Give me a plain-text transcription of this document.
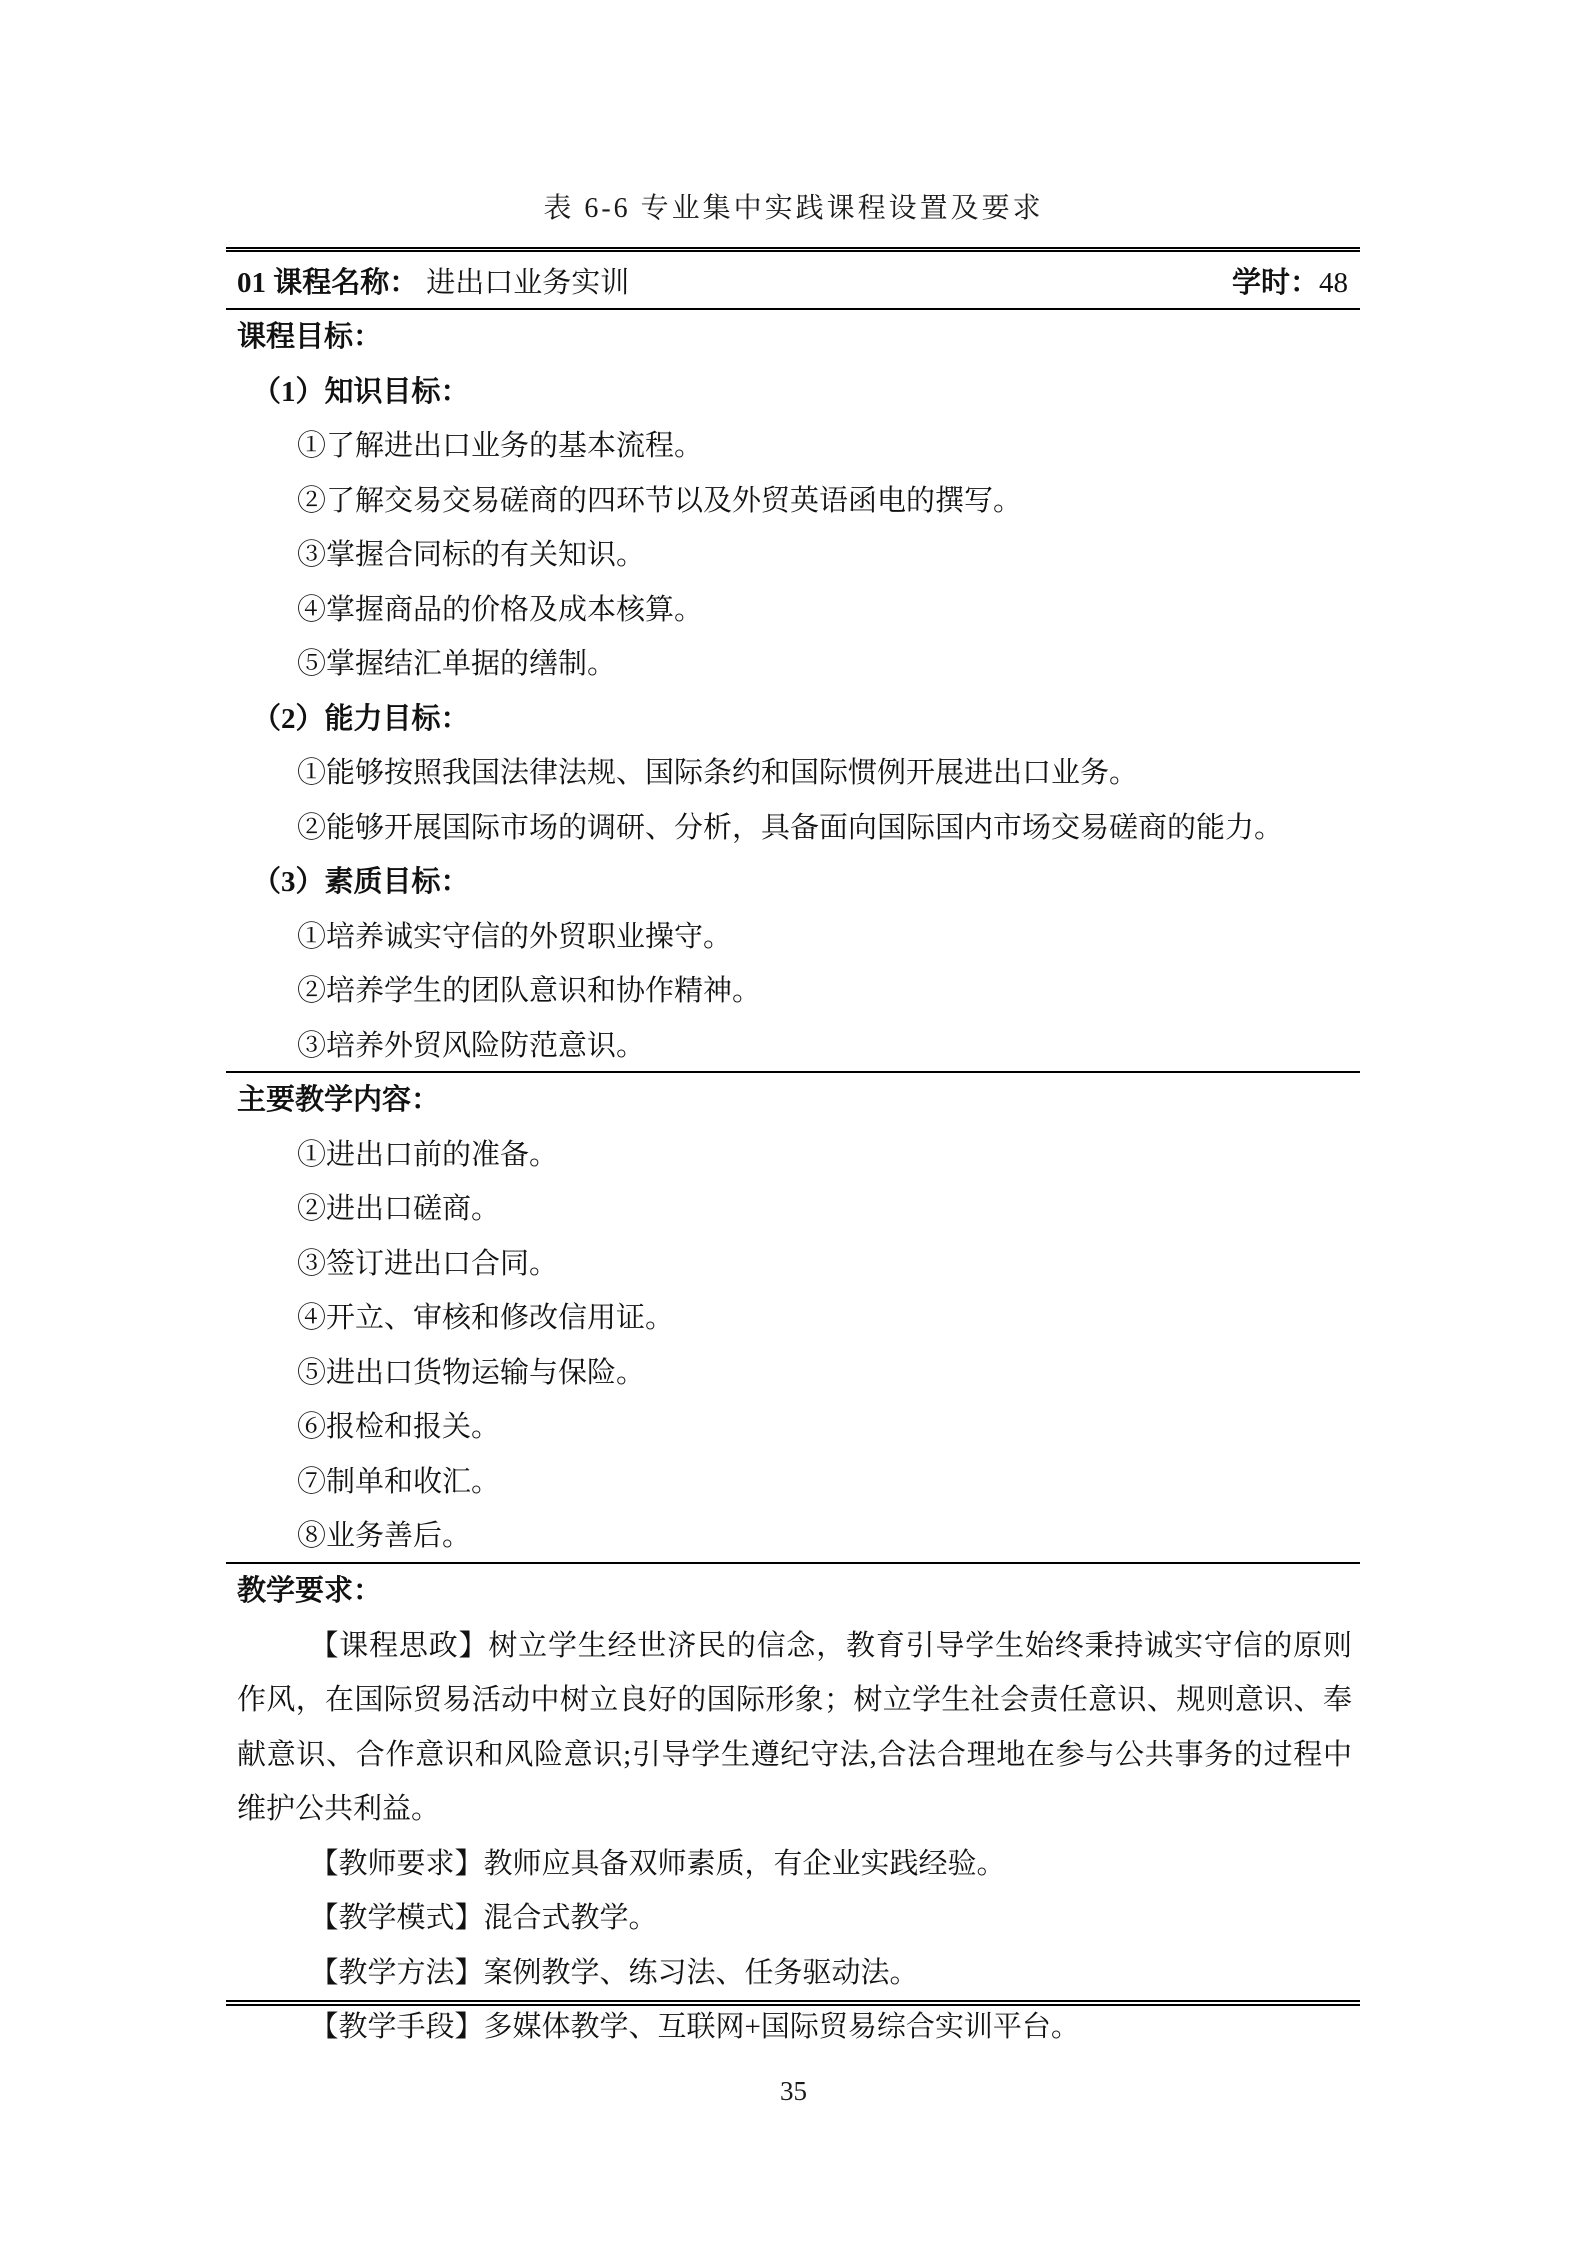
表 6-6 专业集中实践课程设置及要求
01 课程名称： 进出口业务实训	学时： 48
课程目标：
（1）知识目标：
①了解进出口业务的基本流程。
②了解交易交易磋商的四环节以及外贸英语函电的撰写。
③掌握合同标的有关知识。
④掌握商品的价格及成本核算。
⑤掌握结汇单据的缮制。
（2）能力目标：
①能够按照我国法律法规、国际条约和国际惯例开展进出口业务。
②能够开展国际市场的调研、分析，具备面向国际国内市场交易磋商的能力。
（3）素质目标：
①培养诚实守信的外贸职业操守。
②培养学生的团队意识和协作精神。
③培养外贸风险防范意识。
主要教学内容：
①进出口前的准备。
②进出口磋商。
③签订进出口合同。
④开立、审核和修改信用证。
⑤进出口货物运输与保险。
⑥报检和报关。
⑦制单和收汇。
⑧业务善后。
教学要求：
【课程思政】树立学生经世济民的信念，教育引导学生始终秉持诚实守信的原则作风，在国际贸易活动中树立良好的国际形象；树立学生社会责任意识、规则意识、奉献意识、合作意识和风险意识;引导学生遵纪守法,合法合理地在参与公共事务的过程中维护公共利益。
【教师要求】教师应具备双师素质，有企业实践经验。
【教学模式】混合式教学。
【教学方法】案例教学、练习法、任务驱动法。
【教学手段】多媒体教学、互联网+国际贸易综合实训平台。
35
